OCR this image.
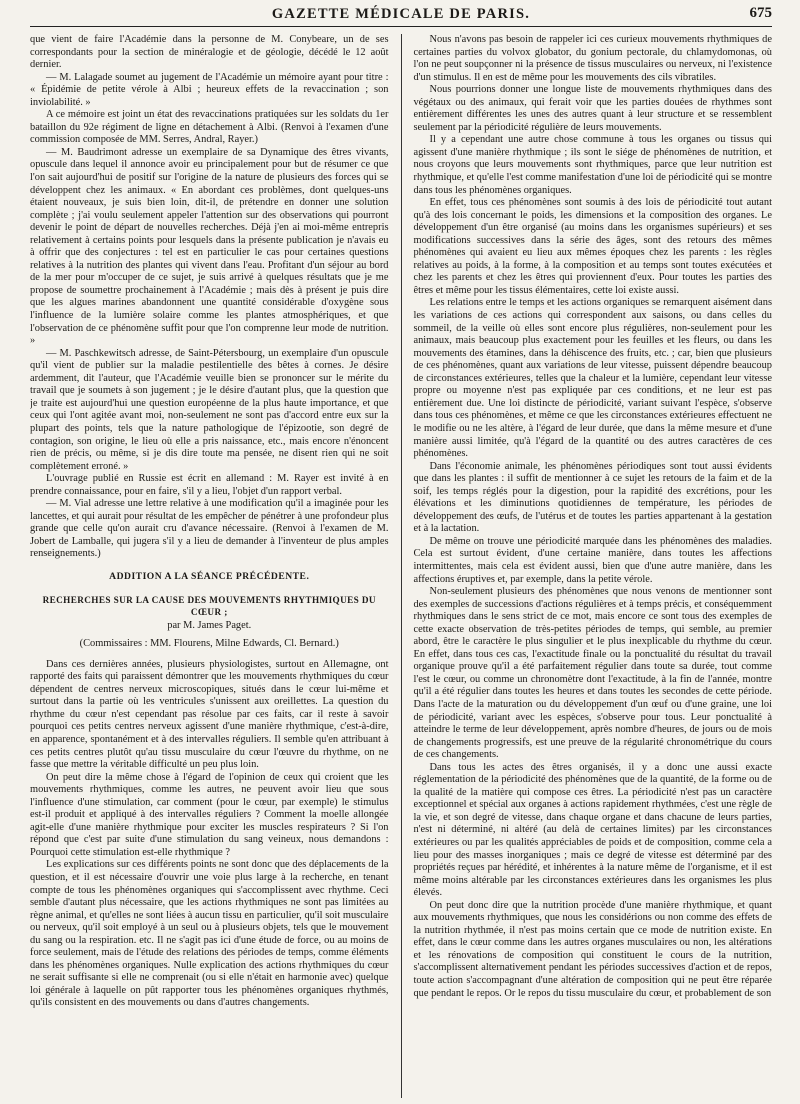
GAZETTE MÉDICALE DE PARIS.	675

que vient de faire l'Académie dans la personne de M. Conybeare, un de ses correspondants pour la section de minéralogie et de géologie, décédé le 12 août dernier.

— M. Lalagade soumet au jugement de l'Académie un mémoire ayant pour titre : « Épidémie de petite vérole à Albi ; heureux effets de la revaccination ; son inviolabilité. »

A ce mémoire est joint un état des revaccinations pratiquées sur les soldats du 1er bataillon du 92e régiment de ligne en détachement à Albi. (Renvoi à l'examen d'une commission composée de MM. Serres, Andral, Rayer.)

— M. Baudrimont adresse un exemplaire de sa Dynamique des êtres vivants, opuscule dans lequel il annonce avoir eu principalement pour but de résumer ce que l'on sait aujourd'hui de positif sur l'origine de la nature de plusieurs des forces qui se développent chez les animaux. « En abordant ces problèmes, dont quelques-uns étaient nouveaux, je suis bien loin, dit-il, de prétendre en donner une solution complète ; j'ai voulu seulement appeler l'attention sur des observations qui pourront devenir le point de départ de nouvelles recherches. Déjà j'en ai moi-même entrepris relativement à certains points pour lesquels dans la présente publication je n'avais eu à offrir que des conjectures : tel est en particulier le cas pour certaines questions relatives à la nutrition des plantes qui vivent dans l'eau. Profitant d'un séjour au bord de la mer pour m'occuper de ce sujet, je suis arrivé à quelques résultats que je me propose de soumettre prochainement à l'Académie ; mais dès à présent je puis dire que les algues marines abandonnent une quantité considérable d'oxygène sous l'influence de la lumière solaire comme les plantes atmosphériques, et que l'observation de ce phénomène suffit pour que l'on comprenne leur mode de nutrition. »

— M. Paschkewitsch adresse, de Saint-Pétersbourg, un exemplaire d'un opuscule qu'il vient de publier sur la maladie pestilentielle des bêtes à cornes. Je désire ardemment, dit l'auteur, que l'Académie veuille bien se prononcer sur le mérite du travail que je soumets à son jugement ; je le désire d'autant plus, que la question que je traite est aujourd'hui une question européenne de la plus haute importance, et que ceux qui l'ont agitée avant moi, non-seulement ne sont pas d'accord entre eux sur la plupart des points, tels que la nature pathologique de l'épizootie, son degré de contagion, son origine, le lieu où elle a pris naissance, etc., mais encore n'énoncent rien de précis, ou même, si je dis dire toute ma pensée, ne disent rien qui ne soit complètement erroné. »

L'ouvrage publié en Russie est écrit en allemand : M. Rayer est invité à en prendre connaissance, pour en faire, s'il y a lieu, l'objet d'un rapport verbal.

— M. Vial adresse une lettre relative à une modification qu'il a imaginée pour les lancettes, et qui aurait pour résultat de les empêcher de pénétrer à une profondeur plus grande que celle qu'on aurait cru d'avance nécessaire. (Renvoi à l'examen de M. Jobert de Lamballe, qui jugera s'il y a lieu de demander à l'inventeur de plus amples renseignements.)

ADDITION A LA SÉANCE PRÉCÉDENTE.
RECHERCHES SUR LA CAUSE DES MOUVEMENTS RHYTHMIQUES DU CŒUR ;
par M. James Paget.
(Commissaires : MM. Flourens, Milne Edwards, Cl. Bernard.)

Dans ces dernières années, plusieurs physiologistes, surtout en Allemagne, ont rapporté des faits qui paraissent démontrer que les mouvements rhythmiques du cœur dépendent de centres nerveux microscopiques, situés dans le cœur lui-même et surtout dans la partie où les ventricules s'unissent aux oreillettes. La question du rhythme du cœur n'est cependant pas résolue par ces faits, car il reste à savoir pourquoi ces petits centres nerveux agissent d'une manière rhythmique, c'est-à-dire, en apparence, spontanément et à des intervalles réguliers. Il semble qu'en attribuant à ces petits centres plutôt qu'au tissu musculaire du cœur l'œuvre du rhythme, on ne fasse que mettre la véritable difficulté un peu plus loin.

On peut dire la même chose à l'égard de l'opinion de ceux qui croient que les mouvements rhythmiques, comme les autres, ne peuvent avoir lieu que sous l'influence d'une stimulation, car comment (pour le cœur, par exemple) le stimulus est-il produit et appliqué à des intervalles réguliers ? Comment la moelle allongée agit-elle d'une manière rhythmique pour exciter les muscles respirateurs ? Si l'on répond que c'est par suite d'une stimulation du sang veineux, nous demandons : Pourquoi cette stimulation est-elle rhythmique ?

Les explications sur ces différents points ne sont donc que des déplacements de la question, et il est nécessaire d'ouvrir une voie plus large à la recherche, en tenant compte de tous les phénomènes organiques qui s'accomplissent avec rhythme. Ceci semble d'autant plus nécessaire, que les actions rhythmiques ne sont pas limitées au règne animal, et qu'elles ne sont liées à aucun tissu en particulier, qu'il soit musculaire ou nerveux, qu'il soit employé à un seul ou à plusieurs objets, tels que le mouvement du sang ou la respiration. etc. Il ne s'agit pas ici d'une étude de force, ou au moins de force seulement, mais de l'étude des relations des périodes de temps, comme éléments dans les phénomènes organiques. Nulle explication des actions rhythmiques du cœur ne serait suffisante si elle ne comprenait (ou si elle n'était en harmonie avec) quelque loi générale à laquelle on pût rapporter tous les phénomènes organiques rhythmés, qu'ils consistent en des mouvements ou dans d'autres changements.

Nous n'avons pas besoin de rappeler ici ces curieux mouvements rhythmiques de certaines parties du volvox globator, du gonium pectorale, du chlamydomonas, où l'on ne peut soupçonner ni la présence de tissus musculaires ou nerveux, ni l'existence d'un stimulus. Il en est de même pour les mouvements des cils vibratiles.

Nous pourrions donner une longue liste de mouvements rhythmiques dans des végétaux ou des animaux, qui ferait voir que les parties douées de rhythmes sont entièrement différentes les unes des autres quant à leur structure et se ressemblent seulement par la périodicité régulière de leurs mouvements.

Il y a cependant une autre chose commune à tous les organes ou tissus qui agissent d'une manière rhythmique ; ils sont le siége de phénomènes de nutrition, et nous croyons que leurs mouvements sont rhythmiques, parce que leur nutrition est rhythmique, et qu'elle l'est comme manifestation d'une loi de périodicité qui se montre dans tous les phénomènes organiques.

En effet, tous ces phénomènes sont soumis à des lois de périodicité tout autant qu'à des lois concernant le poids, les dimensions et la composition des organes. Le développement d'un être organisé (au moins dans les organismes supérieurs) et ses modifications successives dans la série des âges, sont des retours des mêmes phénomènes qui avaient eu lieu aux mêmes époques chez les parents : les règles relatives au poids, à la forme, à la composition et au temps sont toutes exécutées et chez les parents et chez les êtres qui proviennent d'eux. Pour toutes les parties des êtres et même pour les tissus élémentaires, cette loi existe aussi.

Les relations entre le temps et les actions organiques se remarquent aisément dans les variations de ces actions qui correspondent aux saisons, ou dans celles du sommeil, de la veille où elles sont encore plus régulières, non-seulement pour les animaux, mais beaucoup plus exactement pour les feuilles et les fleurs, ou dans les mouvements des étamines, dans la déhiscence des fruits, etc. ; car, bien que plusieurs de ces phénomènes, quant aux variations de leur vitesse, puissent dépendre beaucoup de circonstances extérieures, telles que la chaleur et la lumière, cependant leur vitesse propre ou moyenne n'est pas expliquée par ces conditions, et ne leur est pas entièrement due. Une loi distincte de périodicité, variant suivant l'espèce, s'observe dans tous ces phénomènes, et même ce que les circonstances extérieures effectuent ne le modifie ou ne les altère, à l'égard de leur durée, que dans la même mesure et d'une manière aussi limitée, qu'à l'égard de la quantité ou des autres caractères de ces phénomènes.

Dans l'économie animale, les phénomènes périodiques sont tout aussi évidents que dans les plantes : il suffit de mentionner à ce sujet les retours de la faim et de la soif, les temps réglés pour la digestion, pour la rapidité des excrétions, pour les élévations et les diminutions quotidiennes de température, les périodes de développement des œufs, de l'utérus et de toutes les parties appartenant à la gestation et à la lactation.

De même on trouve une périodicité marquée dans les phénomènes des maladies. Cela est surtout évident, d'une certaine manière, dans toutes les affections intermittentes, mais cela est évident aussi, bien que d'une autre manière, dans les affections éruptives et, par exemple, dans la petite vérole.

Non-seulement plusieurs des phénomènes que nous venons de mentionner sont des exemples de successions d'actions régulières et à temps précis, et conséquemment rhythmiques dans le sens strict de ce mot, mais encore ce sont tous des exemples de cette exacte observation de très-petites périodes de temps, qui semble, au premier abord, être le caractère le plus singulier et le plus inexplicable du rhythme du cœur. En effet, dans tous ces cas, l'exactitude finale ou la ponctualité du résultat du travail organique prouve qu'il a été parfaitement régulier dans toute sa durée, tout comme l'est le cœur, ou comme un chronomètre dont l'exactitude, à la fin de l'année, montre qu'il a été régulier dans toutes les heures et dans toutes les secondes de cette période. Dans l'acte de la maturation ou du développement d'un œuf ou d'une graine, une loi de périodicité, variant avec les espèces, s'observe pour tous. Leur ponctualité à atteindre le terme de leur développement, après nombre d'heures, de jours ou de mois de changements progressifs, est une preuve de la régularité chronométrique du cours de ces changements.

Dans tous les actes des êtres organisés, il y a donc une aussi exacte réglementation de la périodicité des phénomènes que de la quantité, de la forme ou de la qualité de la matière qui compose ces êtres. La périodicité n'est pas un caractère exceptionnel et spécial aux organes à actions rapidement rhythmées, c'est une règle de la vie, et son degré de vitesse, dans chaque organe et dans chacune de leurs parties, n'est ni déterminé, ni altéré (au delà de certaines limites) par les circonstances extérieures ou par les qualités appréciables de poids et de composition, comme cela a lieu pour des masses inorganiques ; mais ce degré de vitesse est déterminé par des propriétés reçues par hérédité, et inhérentes à la nature même de l'organisme, et il est même moins altérable par les circonstances extérieures dans les organismes les plus élevés.

On peut donc dire que la nutrition procède d'une manière rhythmique, et quant aux mouvements rhythmiques, que nous les considérions ou non comme des effets de la nutrition rhythmée, il n'est pas moins certain que ce mode de nutrition existe. En effet, dans le cœur comme dans les autres organes musculaires ou non, les altérations et les rénovations de composition qui constituent le cours de la nutrition, s'accomplissent alternativement pendant les périodes successives d'action et de repos, toute action s'accompagnant d'une altération de composition qui ne peut être réparée que pendant le repos. Or le repos du tissu musculaire du cœur, et probablement de son
